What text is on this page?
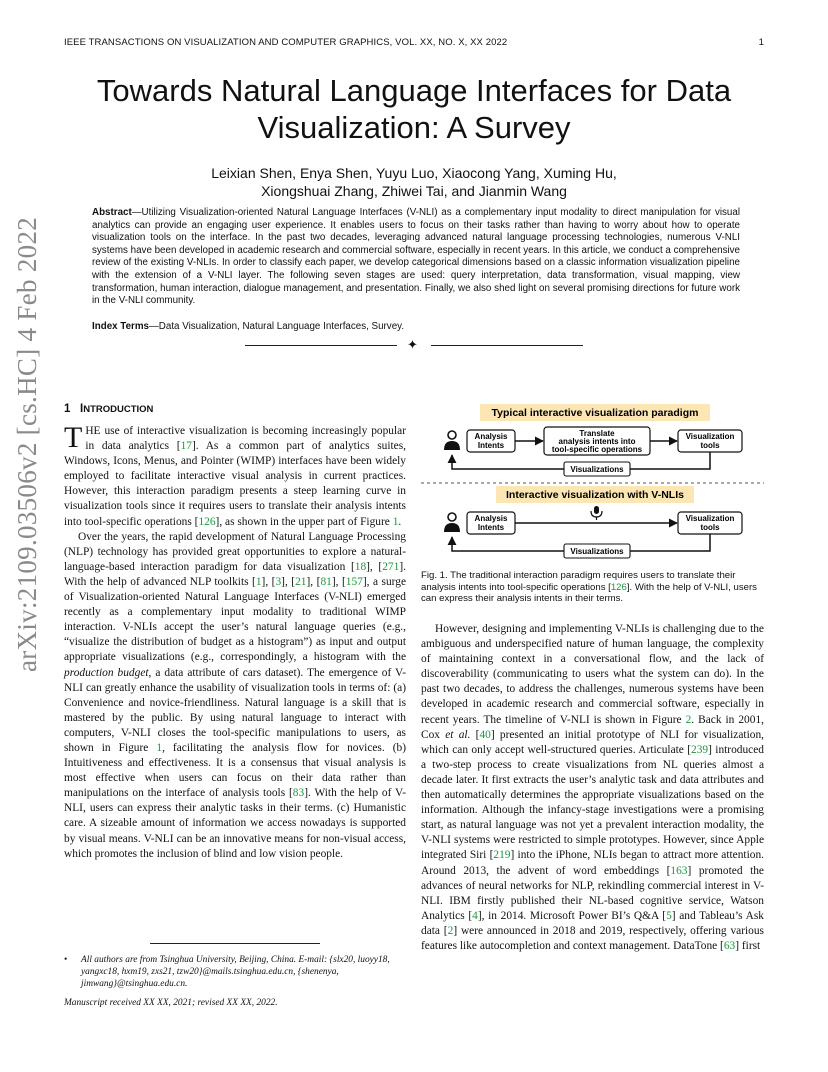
IEEE TRANSACTIONS ON VISUALIZATION AND COMPUTER GRAPHICS, VOL. XX, NO. X, XX 2022	1
Towards Natural Language Interfaces for Data Visualization: A Survey
Leixian Shen, Enya Shen, Yuyu Luo, Xiaocong Yang, Xuming Hu,
Xiongshuai Zhang, Zhiwei Tai, and Jianmin Wang
Abstract—Utilizing Visualization-oriented Natural Language Interfaces (V-NLI) as a complementary input modality to direct manipulation for visual analytics can provide an engaging user experience. It enables users to focus on their tasks rather than having to worry about how to operate visualization tools on the interface. In the past two decades, leveraging advanced natural language processing technologies, numerous V-NLI systems have been developed in academic research and commercial software, especially in recent years. In this article, we conduct a comprehensive review of the existing V-NLIs. In order to classify each paper, we develop categorical dimensions based on a classic information visualization pipeline with the extension of a V-NLI layer. The following seven stages are used: query interpretation, data transformation, visual mapping, view transformation, human interaction, dialogue management, and presentation. Finally, we also shed light on several promising directions for future work in the V-NLI community.
Index Terms—Data Visualization, Natural Language Interfaces, Survey.
✦
arXiv:2109.03506v2 [cs.HC] 4 Feb 2022 1 INTRODUCTION

THE use of interactive visualization is becoming increasingly popular in data analytics [17]. As a common part of analytics suites, Windows, Icons, Menus, and Pointer (WIMP) interfaces have been widely employed to facilitate interactive visual analysis in current practices. However, this interaction paradigm presents a steep learning curve in visualization tools since it requires users to translate their analysis intents into tool-specific operations [126], as shown in the upper part of Figure 1.

Over the years, the rapid development of Natural Language Processing (NLP) technology has provided great opportunities to explore a natural-language-based interaction paradigm for data visualization [18], [271]. With the help of advanced NLP toolkits [1], [3], [21], [81], [157], a surge of Visualization-oriented Natural Language Interfaces (V-NLI) emerged recently as a complementary input modality to traditional WIMP interaction. V-NLIs accept the user’s natural language queries (e.g., “visualize the distribution of budget as a histogram”) as input and output appropriate visualizations (e.g., correspondingly, a histogram with the production budget, a data attribute of cars dataset). The emergence of V-NLI can greatly enhance the usability of visualization tools in terms of: (a) Convenience and novice-friendliness. Natural language is a skill that is mastered by the public. By using natural language to interact with computers, V-NLI closes the tool-specific manipulations to users, as shown in Figure 1, facilitating the analysis flow for novices. (b) Intuitiveness and effectiveness. It is a consensus that visual analysis is most effective when users can focus on their data rather than manipulations on the interface of analysis tools [83]. With the help of V-NLI, users can express their analytic tasks in their terms. (c) Humanistic care. A sizeable amount of information we access nowadays is supported by visual means. V-NLI can be an innovative means for non-visual access, which promotes the inclusion of blind and low vision people.

Typical interactive visualization paradigm
Analysis
Intents
Translate
analysis intents into
tool-specific operations
Visualization
tools
Visualizations
Interactive visualization with V-NLIs
Analysis
Intents
Visualization
tools
Visualizations
Fig. 1. The traditional interaction paradigm requires users to translate their analysis intents into tool-specific operations [126]. With the help of V-NLI, users can express their analysis intents in their terms.

However, designing and implementing V-NLIs is challenging due to the ambiguous and underspecified nature of human language, the complexity of maintaining context in a conversational flow, and the lack of discoverability (communicating to users what the system can do). In the past two decades, to address the challenges, numerous systems have been developed in academic research and commercial software, especially in recent years. The timeline of V-NLI is shown in Figure 2. Back in 2001, Cox et al. [40] presented an initial prototype of NLI for visualization, which can only accept well-structured queries. Articulate [239] introduced a two-step process to create visualizations from NL queries almost a decade later. It first extracts the user’s analytic task and data attributes and then automatically determines the appropriate visualizations based on the information. Although the infancy-stage investigations were a promising start, as natural language was not yet a prevalent interaction modality, the V-NLI systems were restricted to simple prototypes. However, since Apple integrated Siri [219] into the iPhone, NLIs began to attract more attention. Around 2013, the advent of word embeddings [163] promoted the advances of neural networks for NLP, rekindling commercial interest in V-NLI. IBM firstly published their NL-based cognitive service, Watson Analytics [4], in 2014. Microsoft Power BI’s Q&A [5] and Tableau’s Ask data [2] were announced in 2018 and 2019, respectively, offering various features like autocompletion and context management. DataTone [63] first

• All authors are from Tsinghua University, Beijing, China. E-mail: {slx20, luoyy18, yangxc18, hxm19, zxs21, tzw20}@mails.tsinghua.edu.cn, {shenenya, jimwang}@tsinghua.edu.cn.
Manuscript received XX XX, 2021; revised XX XX, 2022.
